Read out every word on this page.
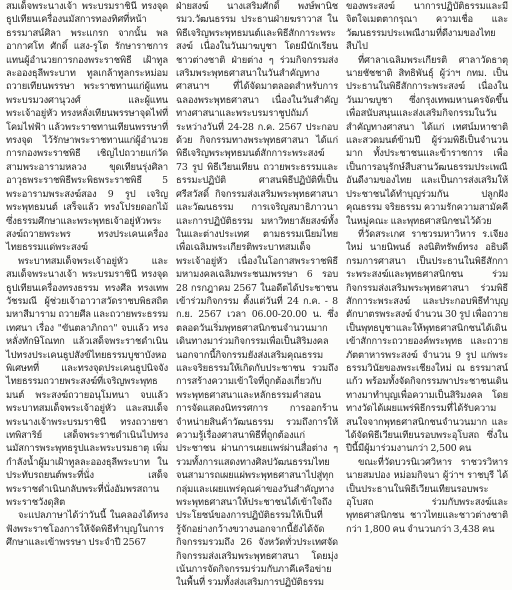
สมเด็จพระนางเจ้า พระบรมราชินี ทรงจุดธูปเทียนเครื่องนมัสการทองทิศที่หน้าธรรมาสน์ศิลา พระแกรก จากนั้น พลอากาศโท ศักดิ์ แสง-รูโต รักษาราชการแทนผู้อำนวยการกองพระราชพิธี เฝ้าทูลละอองธุลีพระบาท ทูลเกล้าทูลกระหม่อมถวายเทียนพรรษา พระราชทานแก่ผู้แทนพระบรมวงศานุวงศ์ และผู้แทนพระเจ้าอยู่หัว ทรงหลั่งเทียนพรรษาจุดไฟที่โคมไฟฟ้า แล้วพระราชทานเทียนพรรษาที่ทรงจุด ไว้รักษาพระราชทานแก่ผู้อำนวยการกองพระราชพิธี เชิญไปถวายแก่วัดสามพระอารามหลวง ขุดเทียนรุ่งศิลาอาวุธพระราชพิธีพระพิธพระราชพิธี 5 พระอารามพระสงฆ์สอง 9 รูป เจริญพระพุทธมนต์ เสร็จแล้ว ทรงโปรยดอกไม้ซึ่งธรรมศึกษาและพระพุทธเจ้าอยู่หัวพระสงฆ์ถวายพระพร ทรงประเคนเครื่องไทยธรรมแด่พระสงฆ์

พระบาทสมเด็จพระเจ้าอยู่หัว และสมเด็จพระนางเจ้า พระบรมราชินี ทรงจุดธูปเทียนเครื่องทรงธรรม ทรงศีล ทรงเทพวัชรมณี ผู้ช่วยเจ้าอาวาสวัดราชบพิธสถิตมหาสีมาราม ถวายศีล และถวายพระธรรมเทศนา เรื่อง "ขันตลาภิกถา" จบแล้ว ทรงหลั่งทักษิโณทก แล้วเสด็จพระราชดำเนินไปทรงประเคนธูปสังข์ไทยธรรมบูชาบังหอพิเศษทที่ และทรงจุดประเคนธูปนิจจังไทยธรรมถวายพระสงฆ์ที่เจริญพระพุทธมนต์ พระสงฆ์ถวายอนุโมทนา จบแล้ว พระบาทสมเด็จพระเจ้าอยู่หัว และสมเด็จพระนางเจ้าพระบรมราชินี ทรงถวายชาเทพิสาริย์ เสด็จพระราชดำเนินไปทรงนมัสการพระพุทธรูปและพระบรมธาตุ เพิ่มกำลังน้ำผู้มาเฝ้าทูลละอองธุลีพระบาท ในประทับรถยนต์พระที่นั่ง เสด็จพระราชดำเนินกลับพระที่นั่งอัมพรสถาน พระราชวังดุสิต

จะแปลภาษาได้ว่าวันนี้ ในคลองได้ทรงฟังพระราชโองการให้จัดพิธีทำบุญในการศึกษาและเข้าพรรษา ประจำปี 2567

ฝ่ายสงฆ์ นางเสริมศักดิ์ พงษ์พานิช รมว.วัฒนธรรม ประธานฝ่ายฆราวาส ในพิธีเจริญพระพุทธมนต์และพิธีสักการะพระสงฆ์ เนื่องในวันมาฆบูชา โดยมีนักเรียนชาวต่างชาติ ฝ่ายต่าง ๆ ร่วมกิจกรรมส่งเสริมพระพุทธศาสนาในวันสำคัญทางศาสนาฯ ที่ได้จัดมาตลอดสำหรับการฉลองพระพุทธศาสนา เนื่องในวันสำคัญทางศาสนาและพระบรมราชูปถัมภ์ ระหว่างวันที่ 24-28 ก.ค. 2567 ประกอบด้วย กิจกรรมทางพระพุทธศาสนา ได้แก่ พิธีเจริญพระพุทธมนต์สักการะพระสงฆ์ 73 รูป พิธีเวียนเทียน ถวายพระธรรมและธรรมะปฏิบัติ ศาสนพิธีปฏิบัติที่เป็นศรีสวัสดิ์ กิจกรรมส่งเสริมพระพุทธศาสนาและวัฒนธรรม การเจริญสมาธิภาวนาและการปฏิบัติธรรม มหาวิทยาลัยสงฆ์ทั้งในและต่างประเทศ ตามธรรมเนียมไทย เพื่อเฉลิมพระเกียรติพระบาทสมเด็จพระเจ้าอยู่หัว เนื่องในโอกาสพระราชพิธีมหามงคลเฉลิมพระชนมพรรษา 6 รอบ 28 กรกฎาคม 2567 ในอดีตได้ประชาชนเข้าร่วมกิจกรรม ตั้งแต่วันที่ 24 ก.ค. - 8 ก.ย. 2567 เวลา 06.00-20.00 น. ซึ่งตลอดวันเริ่มพุทธศาสนิกชนจำนวนมากเดินทางมาร่วมกิจกรรมเพื่อเป็นสิริมงคลนอกจากนี้กิจกรรมยังส่งเสริมคุณธรรมและจริยธรรมให้เกิดกับประชาชน รวมถึงการสร้างความเข้าใจที่ถูกต้องเกี่ยวกับพระพุทธศาสนาและหลักธรรมคำสอน การจัดแสดงนิทรรศการ การออกร้านจำหน่ายสินค้าวัฒนธรรม รวมถึงการให้ความรู้เรื่องศาสนาพิธีที่ถูกต้องแก่ประชาชน ผ่านการเผยแพร่ผ่านสื่อต่าง ๆ รวมทั้งการแสดงทางศิลปวัฒนธรรมไทย จนสามารถเผยแผ่พระพุทธศาสนาไปสู่ทุกกลุ่มและเผยแพร่คุณค่าของวันสำคัญทางพระพุทธศาสนาให้ประชาชนได้เข้าใจถึงประโยชน์ของการปฏิบัติธรรมให้เป็นที่รู้จักอย่างกว้างขวางนอกจากนี้ยังได้จัดกิจกรรมรวมถึง 26 จังหวัดทั่วประเทศจัดกิจกรรมส่งเสริมพระพุทธศาสนา โดยมุ่งเน้นการจัดกิจกรรมร่วมกับภาคีเครือข่ายในพื้นที่ รวมทั้งส่งเสริมการปฏิบัติธรรม

ของพระสงฆ์ นาการปฏิบัติธรรมและมีจิตใจเมตตากรุณา ความเชื่อ และวัฒนธรรมประเพณีงามที่ดีงามของไทยสืบไป

ที่ศาลาเฉลิมพระเกียรติ ศาลาวัดธาตุ นายชัชชาติ สิทธิพันธุ์ ผู้ว่าฯ กทม. เป็นประธานในพิธีสักการะพระสงฆ์ เนื่องในวันมาฆบูชา ซึ่งกรุงเทพมหานครจัดขึ้นเพื่อสนับสนุนและส่งเสริมกิจกรรมในวันสำคัญทางศาสนา ได้แก่ เทศน์มหาชาติและสวดมนต์ข้ามปี ผู้ร่วมพิธีเป็นจำนวนมาก ทั้งประชาชนและข้าราชการ เพื่อเป็นการอนุรักษ์สืบสานวัฒนธรรมประเพณีอันดีงามของไทย และเป็นการส่งเสริมให้ประชาชนได้ทำบุญร่วมกัน ปลูกฝังคุณธรรม จริยธรรม ความรักความสามัคคีในหมู่คณะ และพุทธศาสนิกชนไว้ด้วย

ที่วัดสระเกศ ราชวรมหาวิหาร ร.เจียงใหม่ นายนิพนธ์ ลงนิติทรัพย์ทรง อธิบดีกรมการศาสนา เป็นประธานในพิธีสักการะพระสงฆ์และพุทธศาสนิกชน ร่วมกิจกรรมส่งเสริมพระพุทธศาสนา ร่วมพิธีสักการะพระสงฆ์ และประกอบพิธีทำบุญตักบาตรพระสงฆ์ จำนวน 30 รูป เพื่อถวายเป็นพุทธบูชาและให้พุทธศาสนิกชนได้เดินเข้าสักการะถวายองค์พระพุทธ และถวายภัตตาหารพระสงฆ์ จำนวน 9 รูป แก่พระธรรมวินัยของพระเชียงใหม่ ณ ธรรมาสน์แก้ว พร้อมทั้งจัดกิจกรรมพาประชาชนเดินทางมาทำบุญเพื่อความเป็นสิริมงคล โดยทางวัดได้เผยแพร่พิธีกรรมที่ได้รับความสนใจจากพุทธศาสนิกชนจำนวนมาก และได้จัดพิธีเวียนเทียนรอบพระอุโบสถ ซึ่งในปีนี้มีผู้มาร่วมงานกว่า 2,500 คน

ขณะที่วัดบวรนิเวศวิหาร ราชวรวิหาร นายสมปอง หม่อมกิจนา ผู้ว่าฯ ราชบุรี ได้เป็นประธานในพิธีเวียนเทียนรอบพระอุโบสถ ร่วมกับพระสงฆ์และพุทธศาสนิกชน ชาวไทยและชาวต่างชาติ กว่า 1,800 คน จำนวนกว่า 3,438 คน
